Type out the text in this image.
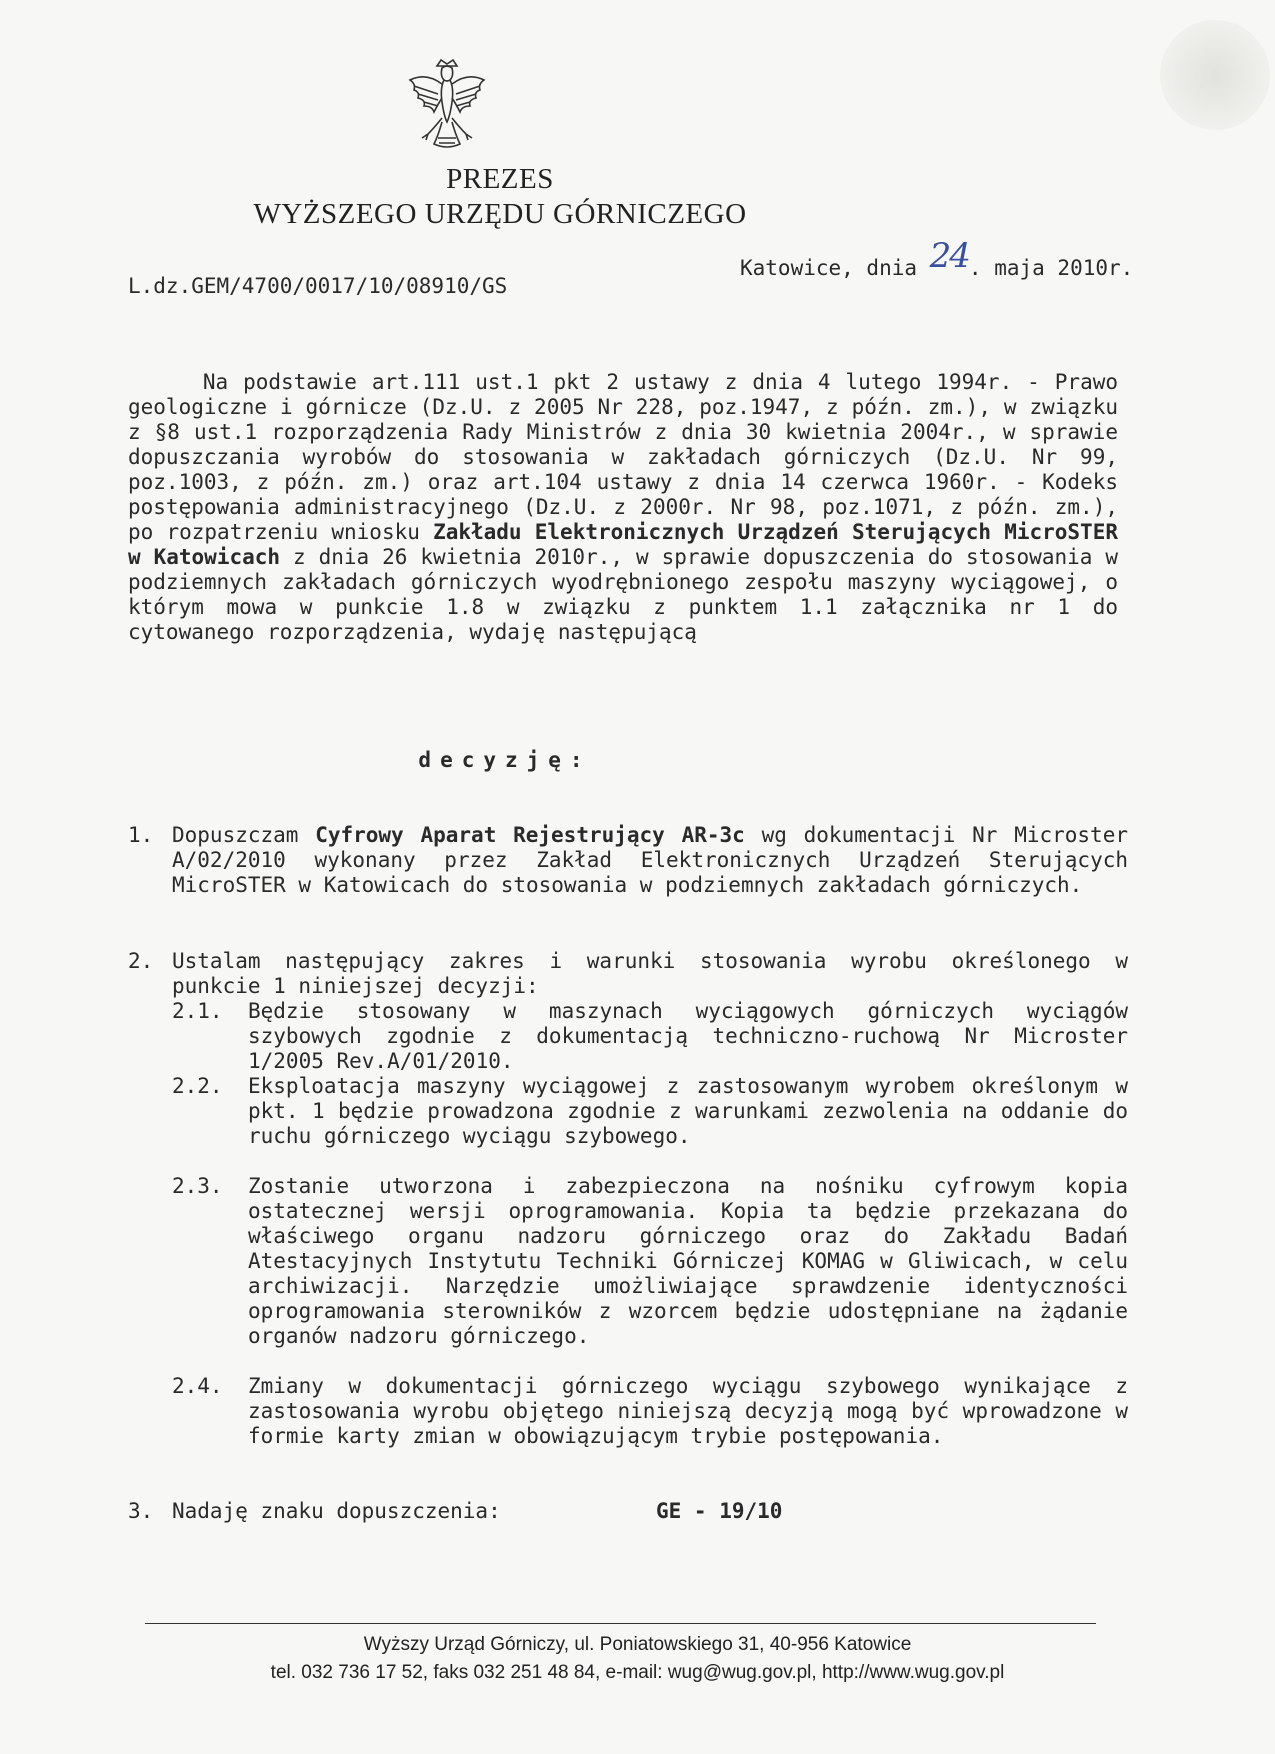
PREZES
WYŻSZEGO URZĘDU GÓRNICZEGO
Katowice, dnia 24. maja 2010r.
L.dz.GEM/4700/0017/10/08910/GS
Na podstawie art.111 ust.1 pkt 2 ustawy z dnia 4 lutego 1994r. - Prawo geologiczne i górnicze (Dz.U. z 2005 Nr 228, poz.1947, z późn. zm.), w związku z §8 ust.1 rozporządzenia Rady Ministrów z dnia 30 kwietnia 2004r., w sprawie dopuszczania wyrobów do stosowania w zakładach górniczych (Dz.U. Nr 99, poz.1003, z późn. zm.) oraz art.104 ustawy z dnia 14 czerwca 1960r. - Kodeks postępowania administracyjnego (Dz.U. z 2000r. Nr 98, poz.1071, z późn. zm.), po rozpatrzeniu wniosku Zakładu Elektronicznych Urządzeń Sterujących MicroSTER w Katowicach z dnia 26 kwietnia 2010r., w sprawie dopuszczenia do stosowania w podziemnych zakładach górniczych wyodrębnionego zespołu maszyny wyciągowej, o którym mowa w punkcie 1.8 w związku z punktem 1.1 załącznika nr 1 do cytowanego rozporządzenia, wydaję następującą
decyzję:
1. Dopuszczam Cyfrowy Aparat Rejestrujący AR-3c wg dokumentacji Nr Microster A/02/2010 wykonany przez Zakład Elektronicznych Urządzeń Sterujących MicroSTER w Katowicach do stosowania w podziemnych zakładach górniczych.
2. Ustalam następujący zakres i warunki stosowania wyrobu określonego w punkcie 1 niniejszej decyzji:
2.1. Będzie stosowany w maszynach wyciągowych górniczych wyciągów szybowych zgodnie z dokumentacją techniczno-ruchową Nr Microster 1/2005 Rev.A/01/2010.
2.2. Eksploatacja maszyny wyciągowej z zastosowanym wyrobem określonym w pkt. 1 będzie prowadzona zgodnie z warunkami zezwolenia na oddanie do ruchu górniczego wyciągu szybowego.
2.3. Zostanie utworzona i zabezpieczona na nośniku cyfrowym kopia ostatecznej wersji oprogramowania. Kopia ta będzie przekazana do właściwego organu nadzoru górniczego oraz do Zakładu Badań Atestacyjnych Instytutu Techniki Górniczej KOMAG w Gliwicach, w celu archiwizacji. Narzędzie umożliwiające sprawdzenie identyczności oprogramowania sterowników z wzorcem będzie udostępniane na żądanie organów nadzoru górniczego.
2.4. Zmiany w dokumentacji górniczego wyciągu szybowego wynikające z zastosowania wyrobu objętego niniejszą decyzją mogą być wprowadzone w formie karty zmian w obowiązującym trybie postępowania.
3. Nadaję znaku dopuszczenia:	GE - 19/10
Wyższy Urząd Górniczy, ul. Poniatowskiego 31, 40-956 Katowice
tel. 032 736 17 52, faks 032 251 48 84, e-mail: wug@wug.gov.pl, http://www.wug.gov.pl
